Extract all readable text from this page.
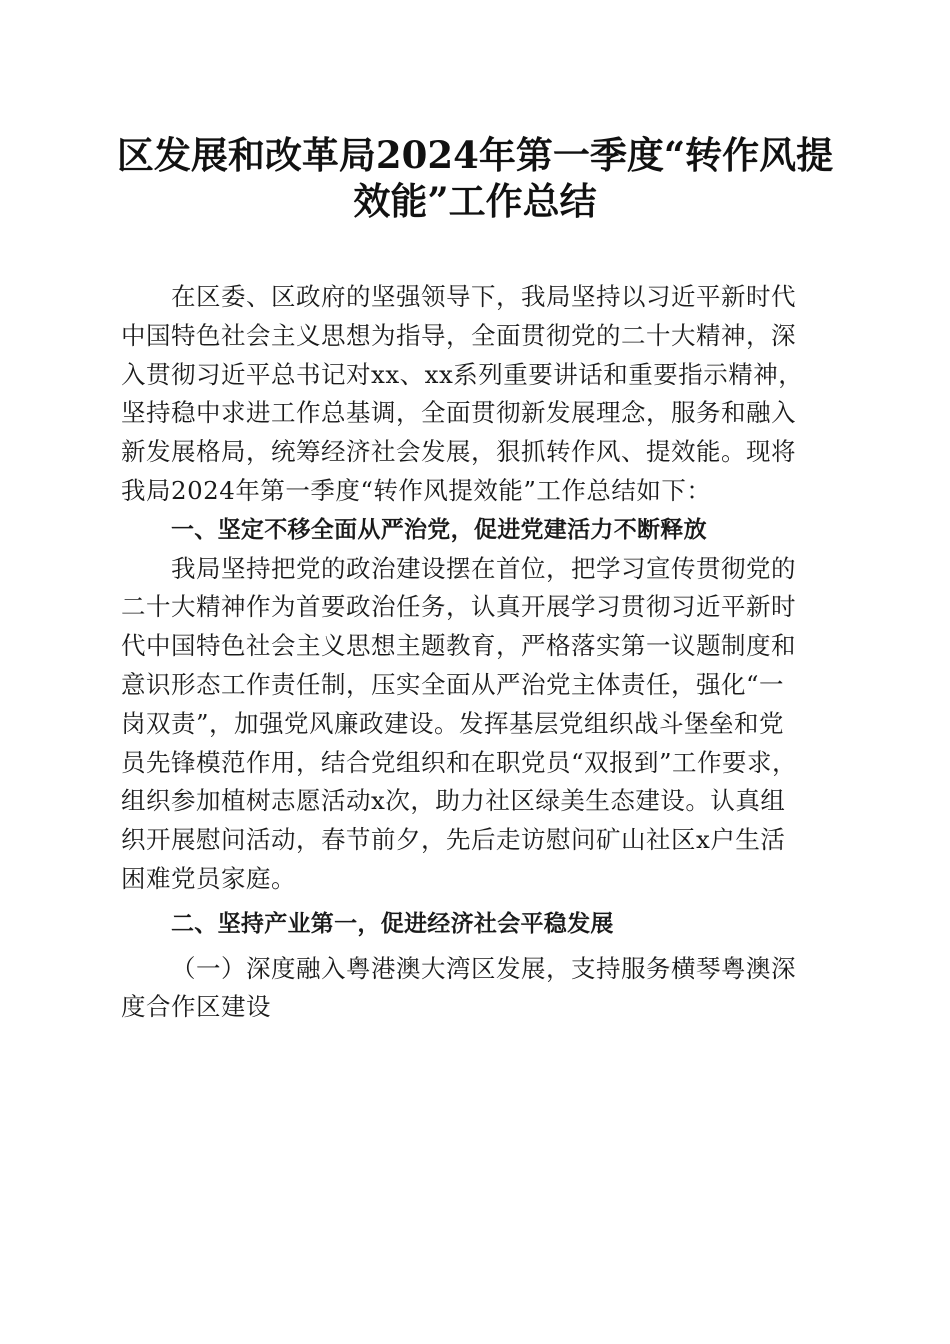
区发展和改革局2024年第一季度“转作风提
效能”工作总结
在区委、区政府的坚强领导下，我局坚持以习近平新时代
中国特色社会主义思想为指导，全面贯彻党的二十大精神，深
入贯彻习近平总书记对xx、xx系列重要讲话和重要指示精神，
坚持稳中求进工作总基调，全面贯彻新发展理念，服务和融入
新发展格局，统筹经济社会发展，狠抓转作风、提效能。现将
我局2024年第一季度“转作风提效能”工作总结如下：
一、坚定不移全面从严治党，促进党建活力不断释放
我局坚持把党的政治建设摆在首位，把学习宣传贯彻党的
二十大精神作为首要政治任务，认真开展学习贯彻习近平新时
代中国特色社会主义思想主题教育，严格落实第一议题制度和
意识形态工作责任制，压实全面从严治党主体责任，强化“一
岗双责”，加强党风廉政建设。发挥基层党组织战斗堡垒和党
员先锋模范作用，结合党组织和在职党员“双报到”工作要求，
组织参加植树志愿活动x次，助力社区绿美生态建设。认真组
织开展慰问活动，春节前夕，先后走访慰问矿山社区x户生活
困难党员家庭。
二、坚持产业第一，促进经济社会平稳发展
（一）深度融入粤港澳大湾区发展，支持服务横琴粤澳深
度合作区建设
